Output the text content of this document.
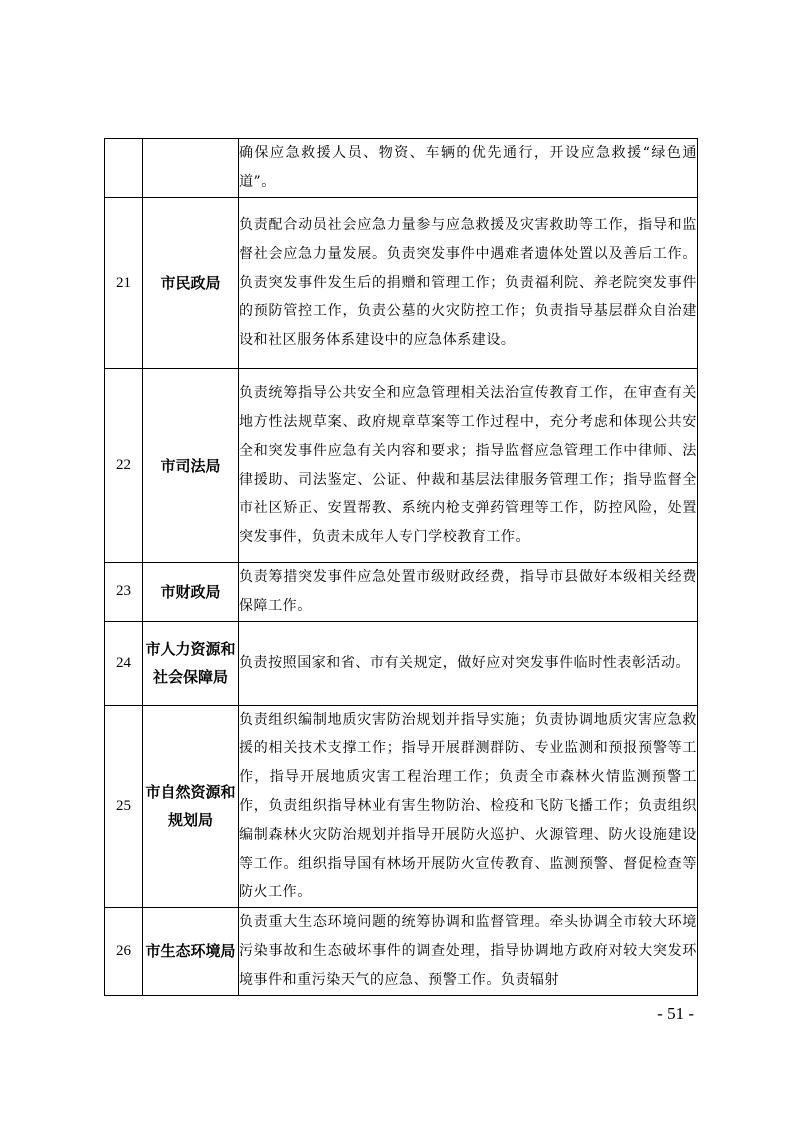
		确保应急救援人员、物资、车辆的优先通行，开设应急救援“绿色通道”。
21	市民政局	负责配合动员社会应急力量参与应急救援及灾害救助等工作，指导和监督社会应急力量发展。负责突发事件中遇难者遗体处置以及善后工作。负责突发事件发生后的捐赠和管理工作；负责福利院、养老院突发事件的预防管控工作，负责公墓的火灾防控工作；负责指导基层群众自治建设和社区服务体系建设中的应急体系建设。
22	市司法局	负责统筹指导公共安全和应急管理相关法治宣传教育工作，在审查有关地方性法规草案、政府规章草案等工作过程中，充分考虑和体现公共安全和突发事件应急有关内容和要求；指导监督应急管理工作中律师、法律援助、司法鉴定、公证、仲裁和基层法律服务管理工作；指导监督全市社区矫正、安置帮教、系统内枪支弹药管理等工作，防控风险，处置突发事件，负责未成年人专门学校教育工作。
23	市财政局	负责筹措突发事件应急处置市级财政经费，指导市县做好本级相关经费保障工作。
24	市人力资源和社会保障局	负责按照国家和省、市有关规定，做好应对突发事件临时性表彰活动。
25	市自然资源和规划局	负责组织编制地质灾害防治规划并指导实施；负责协调地质灾害应急救援的相关技术支撑工作；指导开展群测群防、专业监测和预报预警等工作，指导开展地质灾害工程治理工作；负责全市森林火情监测预警工作，负责组织指导林业有害生物防治、检疫和飞防飞播工作；负责组织编制森林火灾防治规划并指导开展防火巡护、火源管理、防火设施建设等工作。组织指导国有林场开展防火宣传教育、监测预警、督促检查等防火工作。
26	市生态环境局	负责重大生态环境问题的统筹协调和监督管理。牵头协调全市较大环境污染事故和生态破坏事件的调查处理，指导协调地方政府对较大突发环境事件和重污染天气的应急、预警工作。负责辐射
- 51 -
